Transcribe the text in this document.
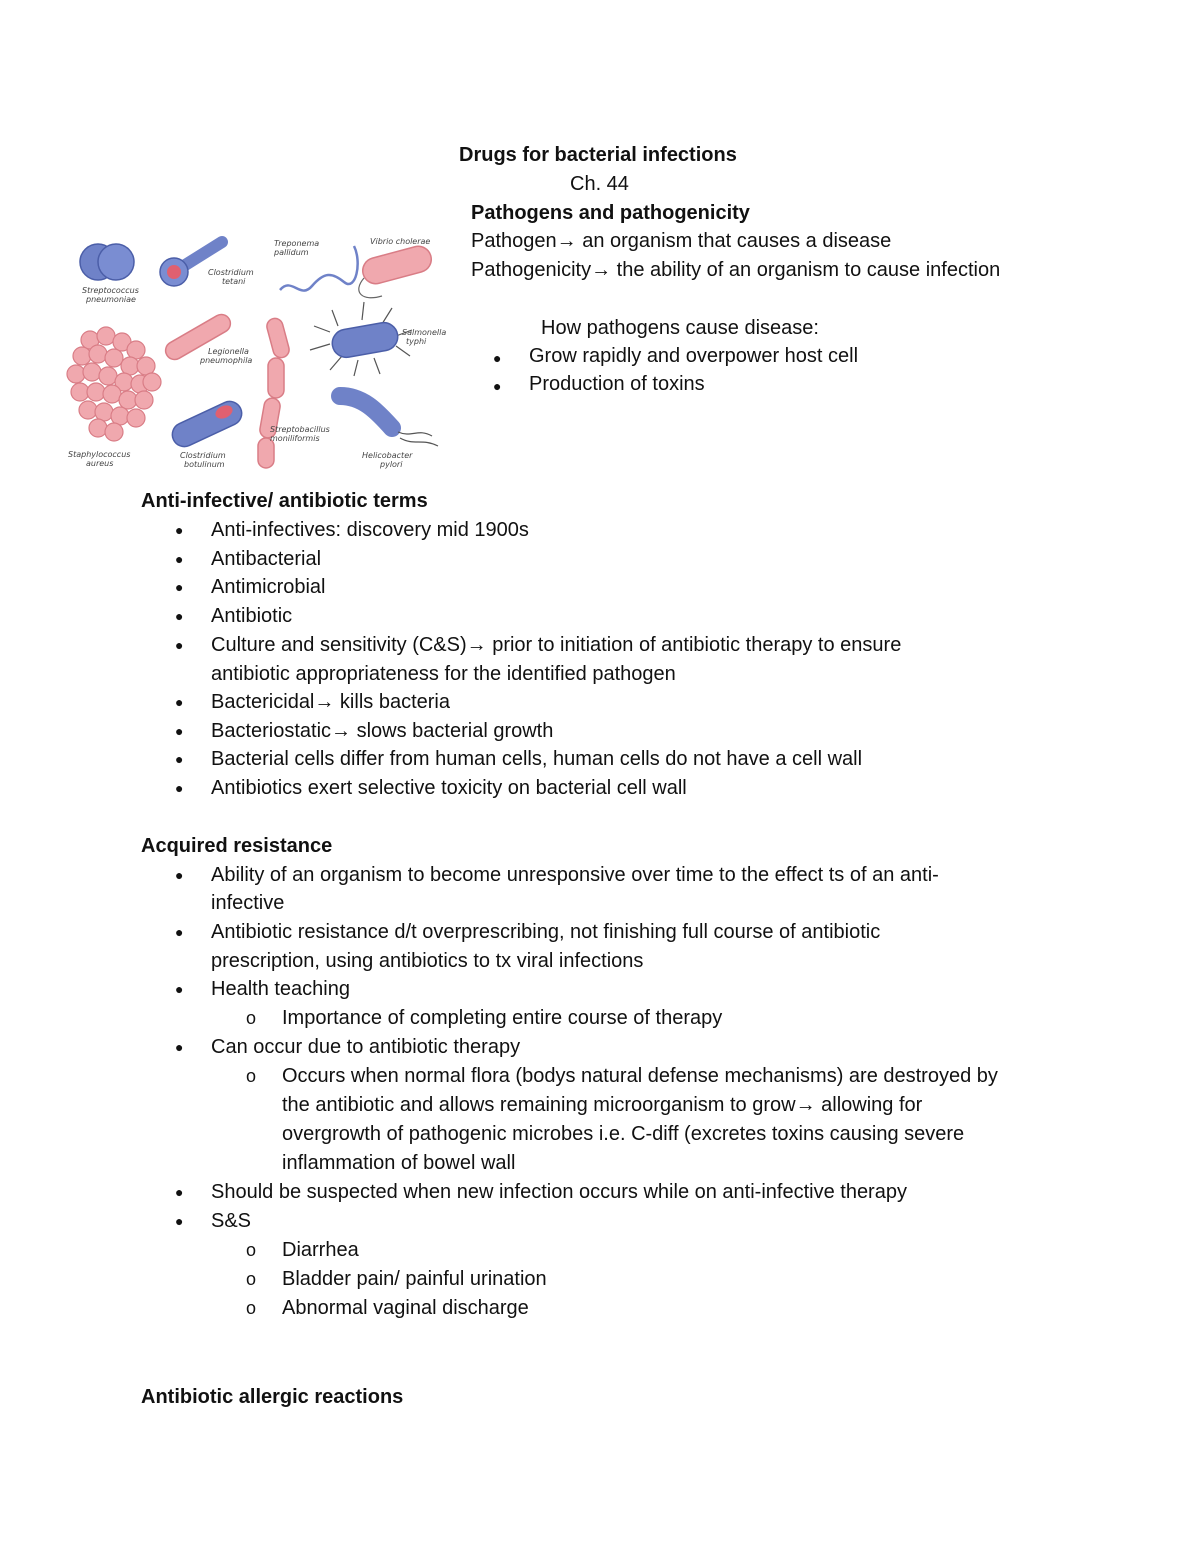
Drugs for bacterial infections
Ch. 44
Pathogens and pathogenicity
Pathogen→ an organism that causes a disease
Pathogenicity→ the ability of an organism to cause infection
How pathogens cause disease:
● Grow rapidly and overpower host cell
● Production of toxins
Streptococcus
pneumoniae
Clostridium
tetani
Treponema
pallidum
Vibrio cholerae
Legionella
pneumophila
Salmonella
typhi
Streptobacillus
moniliformis
Staphylococcus
aureus
Clostridium
botulinum
Helicobacter
pylori
Anti-infective/ antibiotic terms
● Anti-infectives: discovery mid 1900s
● Antibacterial
● Antimicrobial
● Antibiotic
● Culture and sensitivity (C&S)→ prior to initiation of antibiotic therapy to ensure
antibiotic appropriateness for the identified pathogen
● Bactericidal→ kills bacteria
● Bacteriostatic→ slows bacterial growth
● Bacterial cells differ from human cells, human cells do not have a cell wall
● Antibiotics exert selective toxicity on bacterial cell wall
Acquired resistance
● Ability of an organism to become unresponsive over time to the effect ts of an anti-
infective
● Antibiotic resistance d/t overprescribing, not finishing full course of antibiotic
prescription, using antibiotics to tx viral infections
● Health teaching
o Importance of completing entire course of therapy
● Can occur due to antibiotic therapy
o Occurs when normal flora (bodys natural defense mechanisms) are destroyed by
the antibiotic and allows remaining microorganism to grow→ allowing for
overgrowth of pathogenic microbes i.e. C-diff (excretes toxins causing severe
inflammation of bowel wall
● Should be suspected when new infection occurs while on anti-infective therapy
● S&S
o Diarrhea
o Bladder pain/ painful urination
o Abnormal vaginal discharge
Antibiotic allergic reactions
